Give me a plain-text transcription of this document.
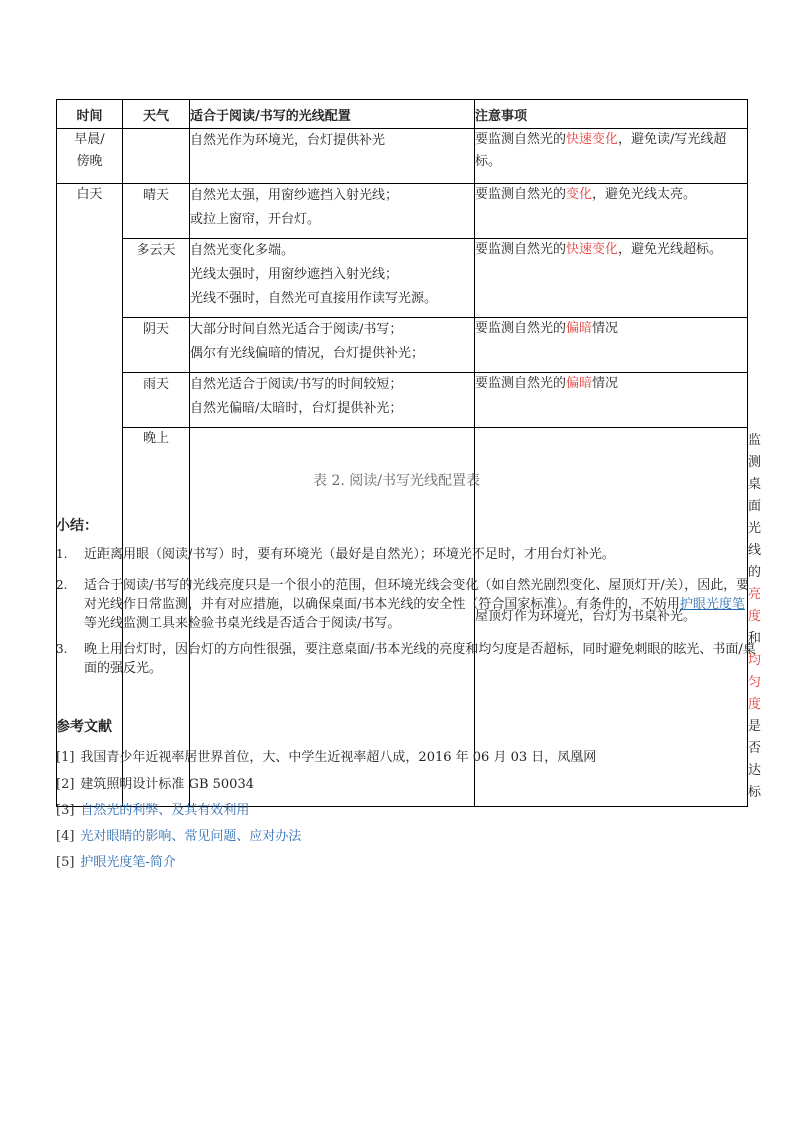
时间	天气	适合于阅读/书写的光线配置	注意事项	

早晨/
傍晚		自然光作为环境光，台灯提供补光	要监测自然光的快速变化，避免读/写光线超标。	
白天	晴天	自然光太强，用窗纱遮挡入射光线；
或拉上窗帘，开台灯。	要监测自然光的变化，避免光线太亮。	
	多云天	自然光变化多端。
光线太强时，用窗纱遮挡入射光线；
光线不强时，自然光可直接用作读写光源。	要监测自然光的快速变化，避免光线超标。	
	阴天	大部分时间自然光适合于阅读/书写；
偶尔有光线偏暗的情况，台灯提供补光；	要监测自然光的偏暗情况	
	雨天	自然光适合于阅读/书写的时间较短；
自然光偏暗/太暗时，台灯提供补光；	要监测自然光的偏暗情况	
	晚上		屋顶灯作为环境光，台灯为书桌补光。	监测桌面光线的亮度和均匀度是否达标
表 2. 阅读/书写光线配置表
小结：
1.	近距离用眼（阅读/书写）时，要有环境光（最好是自然光）；环境光不足时，才用台灯补光。
2.	适合于阅读/书写的光线亮度只是一个很小的范围，但环境光线会变化（如自然光剧烈变化、屋顶灯开/关），因此，要对光线作日常监测，并有对应措施，以确保桌面/书本光线的安全性（符合国家标准）。有条件的，不妨用护眼光度笔 等光线监测工具来检验书桌光线是否适合于阅读/书写。
3.	晚上用台灯时，因台灯的方向性很强，要注意桌面/书本光线的亮度和均匀度是否超标，同时避免刺眼的眩光、书面/桌面的强反光。
参考文献
[1] 我国青少年近视率居世界首位，大、中学生近视率超八成，2016 年 06 月 03 日，凤凰网
[2] 建筑照明设计标准 GB 50034
[3] 自然光的利弊、及其有效利用
[4] 光对眼睛的影响、常见问题、应对办法
[5] 护眼光度笔-简介
